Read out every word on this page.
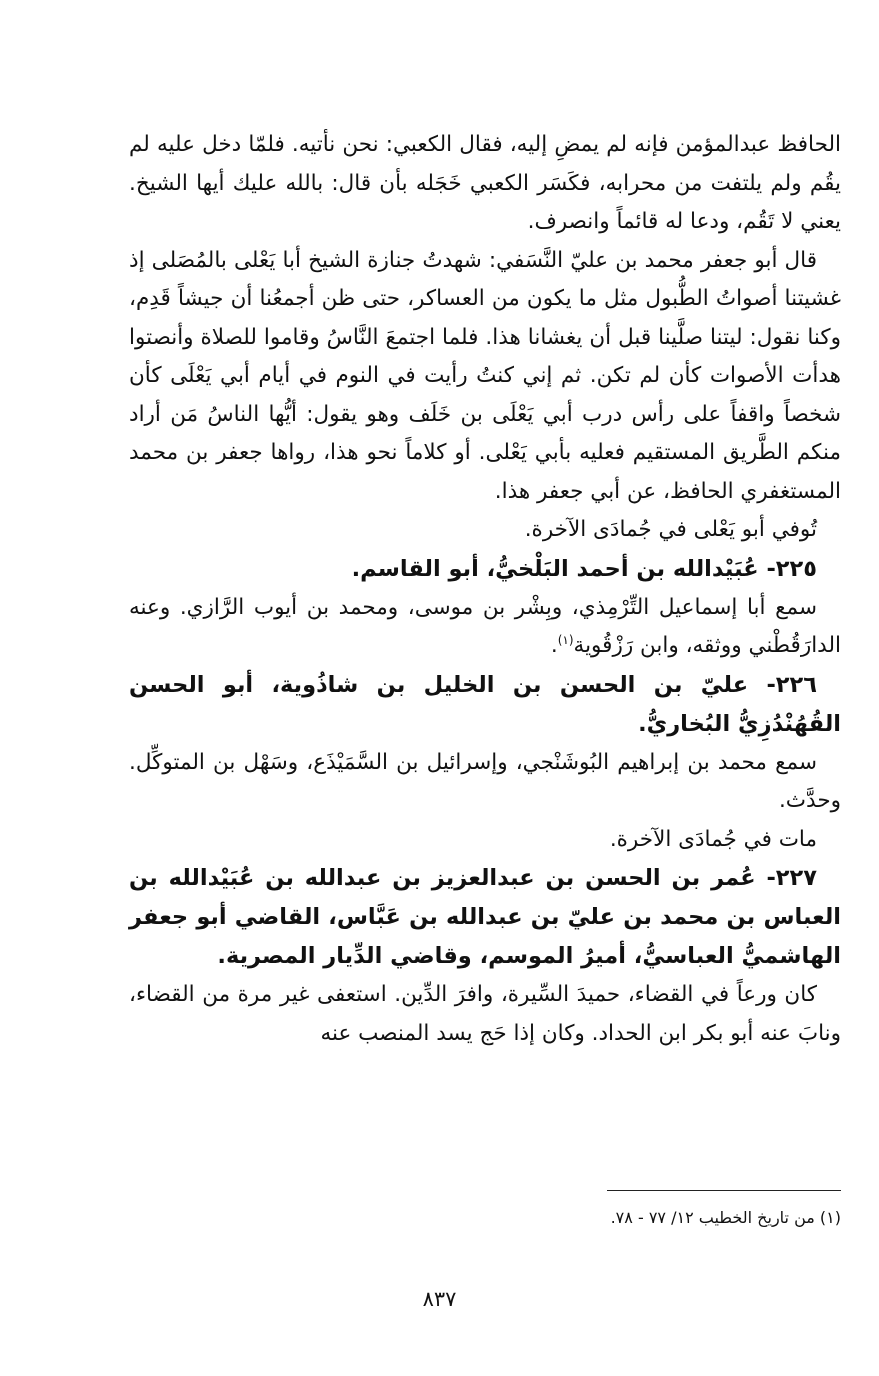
الحافظ عبدالمؤمن فإنه لم يمضِ إليه، فقال الكعبي: نحن نأتيه. فلمّا دخل عليه لم يقُم ولم يلتفت من محرابه، فكَسَر الكعبي خَجَله بأن قال: بالله عليك أيها الشيخ. يعني لا تَقُم، ودعا له قائماً وانصرف.

قال أبو جعفر محمد بن عليّ النَّسَفي: شهدتُ جنازة الشيخ أبا يَعْلى بالمُصَلى إذ غشيتنا أصواتُ الطُّبول مثل ما يكون من العساكر، حتى ظن أجمعُنا أن جيشاً قَدِم، وكنا نقول: ليتنا صلَّينا قبل أن يغشانا هذا. فلما اجتمعَ النَّاسُ وقاموا للصلاة وأنصتوا هدأت الأصوات كأن لم تكن. ثم إني كنتُ رأيت في النوم في أيام أبي يَعْلَى كأن شخصاً واقفاً على رأس درب أبي يَعْلَى بن خَلَف وهو يقول: أيُّها الناسُ مَن أراد منكم الطَّريق المستقيم فعليه بأبي يَعْلى. أو كلاماً نحو هذا، رواها جعفر بن محمد المستغفري الحافظ، عن أبي جعفر هذا.

تُوفي أبو يَعْلى في جُمادَى الآخرة.

٢٢٥- عُبَيْدالله بن أحمد البَلْخيُّ، أبو القاسم.

سمع أبا إسماعيل التِّرْمِذي، وبِشْر بن موسى، ومحمد بن أيوب الرَّازي. وعنه الدارَقُطْني ووثقه، وابن رَزْقُوية$^{(١)}$.

٢٢٦- عليّ بن الحسن بن الخليل بن شاذُوية، أبو الحسن القُهُنْدُزِيُّ البُخاريُّ.

سمع محمد بن إبراهيم البُوشَنْجي، وإسرائيل بن السَّمَيْذَع، وسَهْل بن المتوكِّل. وحدَّث.

مات في جُمادَى الآخرة.

٢٢٧- عُمر بن الحسن بن عبدالعزيز بن عبدالله بن عُبَيْدالله بن العباس بن محمد بن عليّ بن عبدالله بن عَبَّاس، القاضي أبو جعفر الهاشميُّ العباسيُّ، أميرُ الموسم، وقاضي الدِّيار المصرية.

كان ورعاً في القضاء، حميدَ السِّيرة، وافرَ الدِّين. استعفى غير مرة من القضاء، ونابَ عنه أبو بكر ابن الحداد. وكان إذا حَج يسد المنصب عنه

(١) من تاريخ الخطيب ١٢/ ٧٧ - ٧٨.
٨٣٧
